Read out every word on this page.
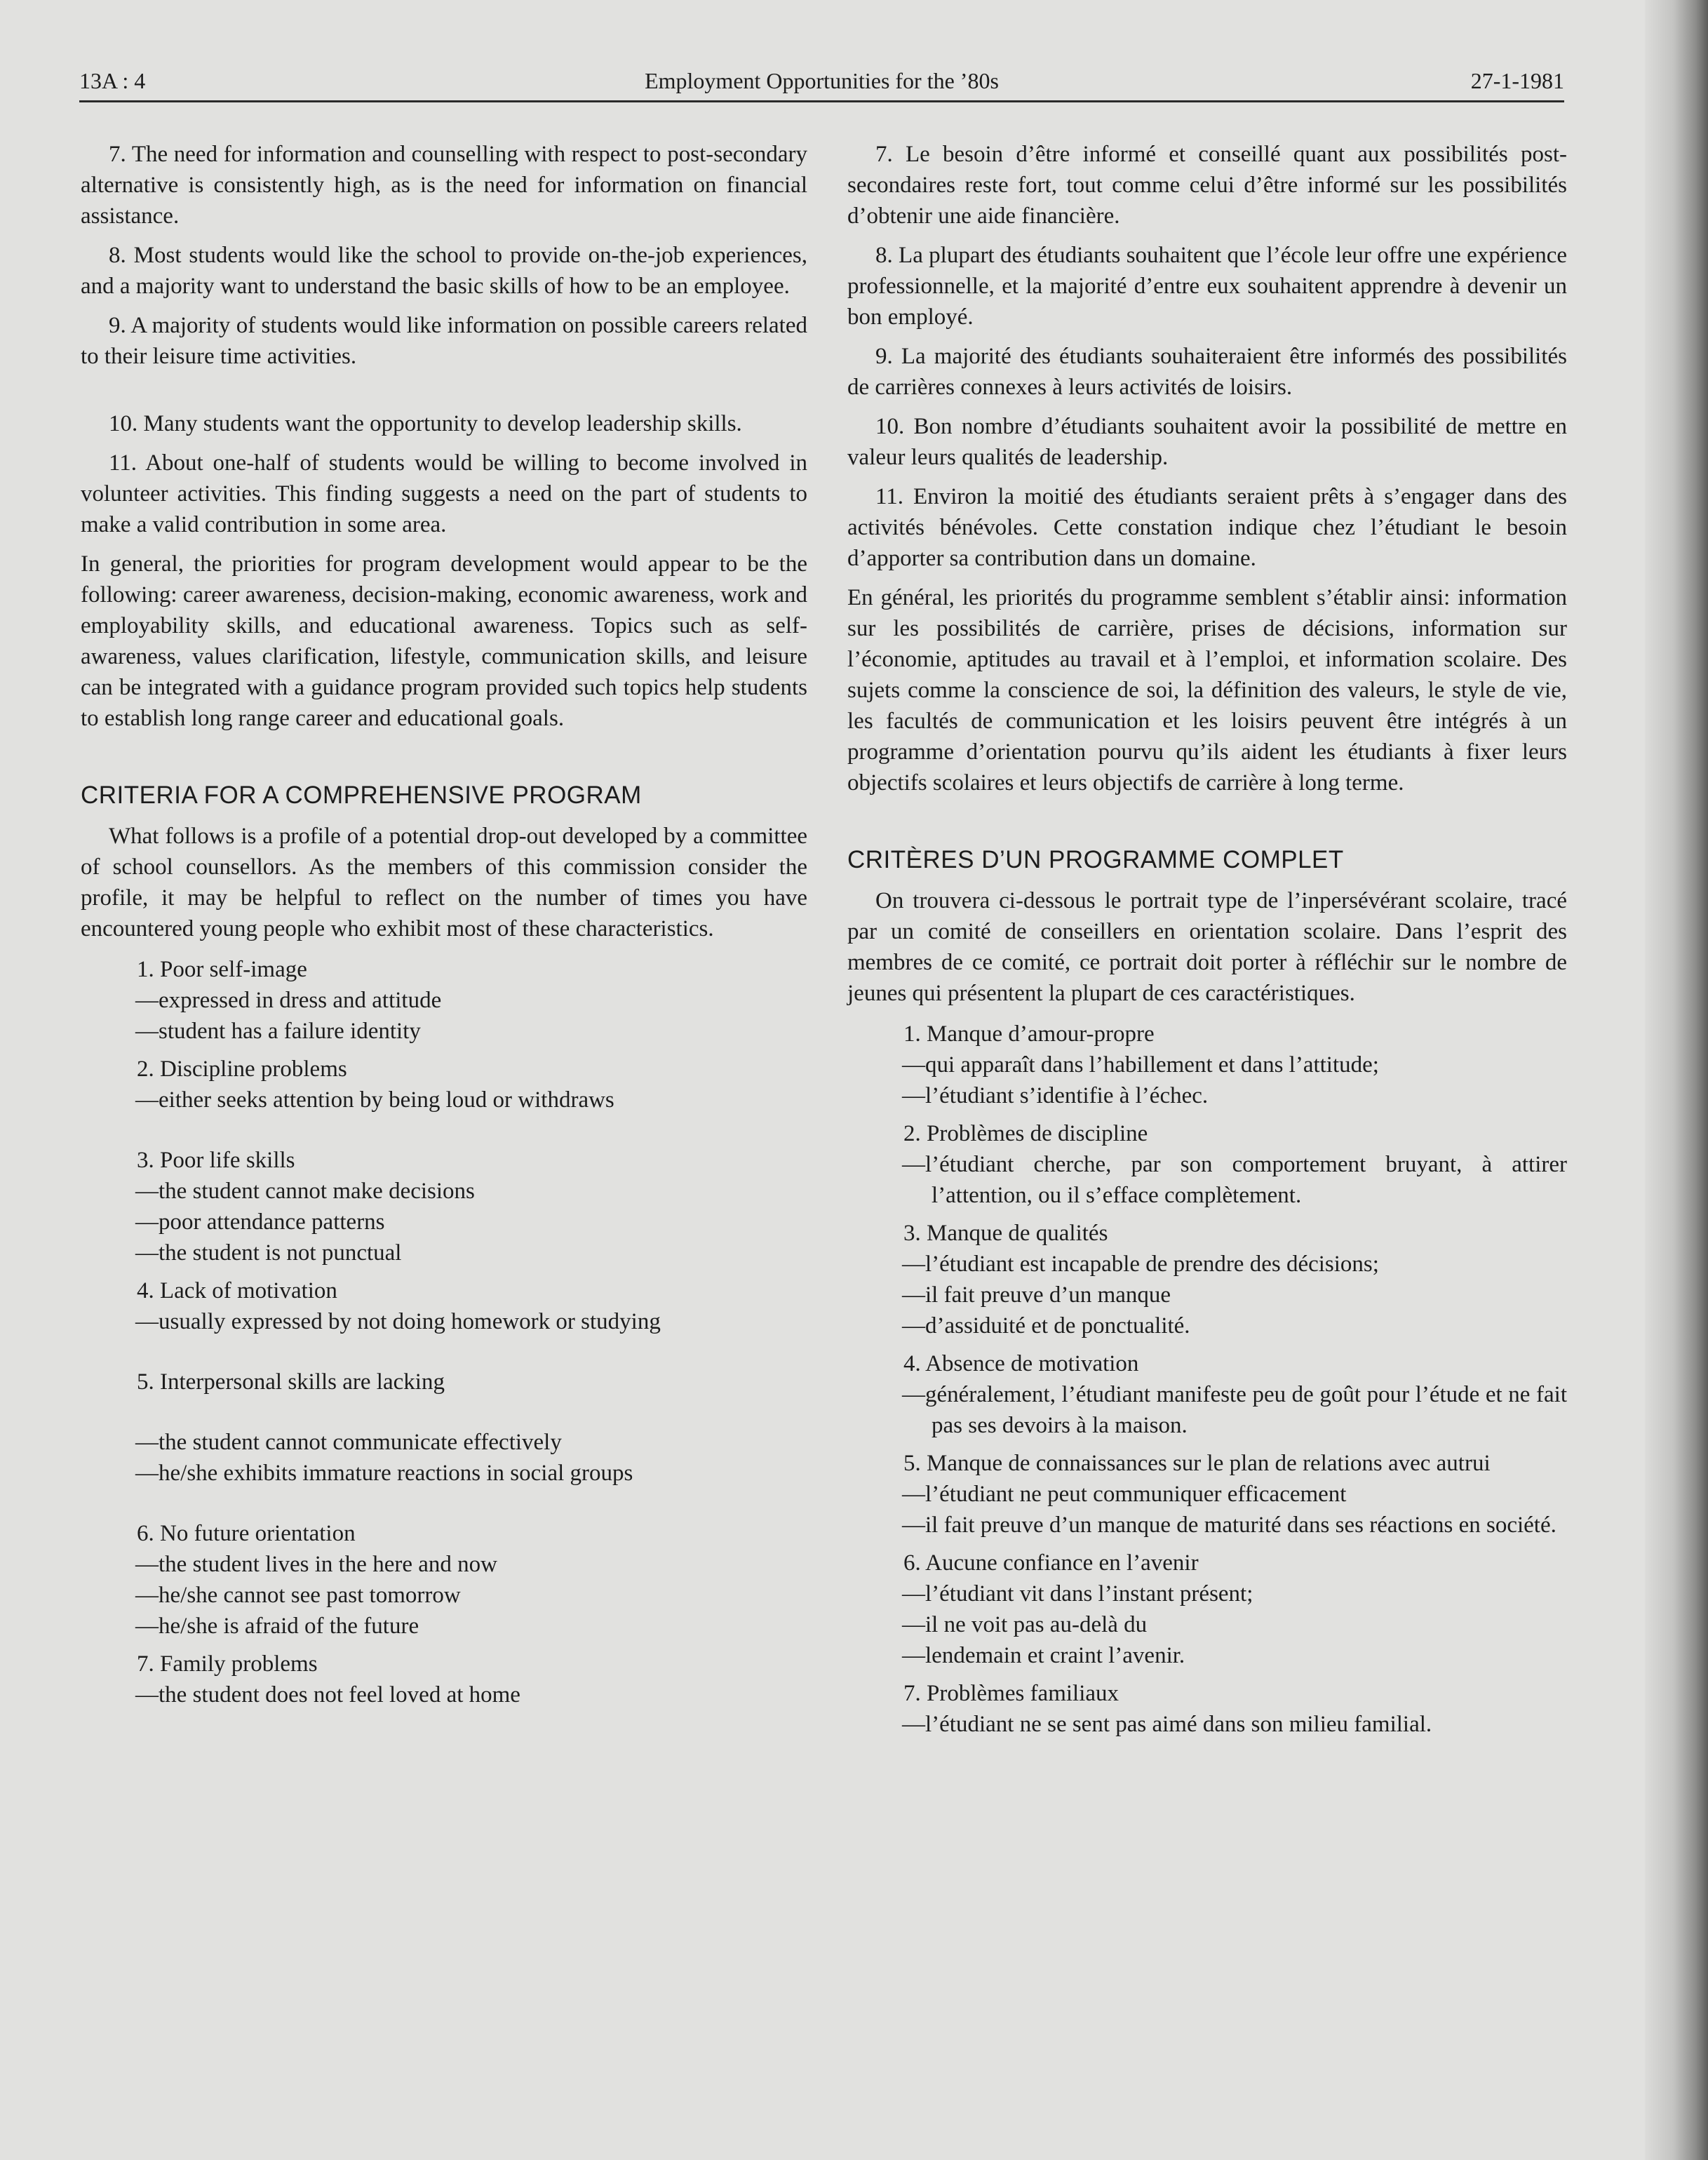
13A : 4	Employment Opportunities for the ’80s	27-1-1981

7. The need for information and counselling with respect to post-secondary alternative is consistently high, as is the need for information on financial assistance.

8. Most students would like the school to provide on-the-job experiences, and a majority want to understand the basic skills of how to be an employee.

9. A majority of students would like information on possible careers related to their leisure time activities.

10. Many students want the opportunity to develop leadership skills.

11. About one-half of students would be willing to become involved in volunteer activities. This finding suggests a need on the part of students to make a valid contribution in some area.

In general, the priorities for program development would appear to be the following: career awareness, decision-making, economic awareness, work and employability skills, and educational awareness. Topics such as self-awareness, values clarification, lifestyle, communication skills, and leisure can be integrated with a guidance program provided such topics help students to establish long range career and educational goals.

CRITERIA FOR A COMPREHENSIVE PROGRAM

What follows is a profile of a potential drop-out developed by a committee of school counsellors. As the members of this commission consider the profile, it may be helpful to reflect on the number of times you have encountered young people who exhibit most of these characteristics.

1. Poor self-image
—expressed in dress and attitude
—student has a failure identity
2. Discipline problems
—either seeks attention by being loud or withdraws
3. Poor life skills
—the student cannot make decisions
—poor attendance patterns
—the student is not punctual
4. Lack of motivation
—usually expressed by not doing homework or studying
5. Interpersonal skills are lacking
—the student cannot communicate effectively
—he/she exhibits immature reactions in social groups
6. No future orientation
—the student lives in the here and now
—he/she cannot see past tomorrow
—he/she is afraid of the future
7. Family problems
—the student does not feel loved at home

7. Le besoin d’être informé et conseillé quant aux possibilités post-secondaires reste fort, tout comme celui d’être informé sur les possibilités d’obtenir une aide financière.

8. La plupart des étudiants souhaitent que l’école leur offre une expérience professionnelle, et la majorité d’entre eux souhaitent apprendre à devenir un bon employé.

9. La majorité des étudiants souhaiteraient être informés des possibilités de carrières connexes à leurs activités de loisirs.

10. Bon nombre d’étudiants souhaitent avoir la possibilité de mettre en valeur leurs qualités de leadership.

11. Environ la moitié des étudiants seraient prêts à s’engager dans des activités bénévoles. Cette constation indique chez l’étudiant le besoin d’apporter sa contribution dans un domaine.

En général, les priorités du programme semblent s’établir ainsi: information sur les possibilités de carrière, prises de décisions, information sur l’économie, aptitudes au travail et à l’emploi, et information scolaire. Des sujets comme la conscience de soi, la définition des valeurs, le style de vie, les facultés de communication et les loisirs peuvent être intégrés à un programme d’orientation pourvu qu’ils aident les étudiants à fixer leurs objectifs scolaires et leurs objectifs de carrière à long terme.

CRITÈRES D’UN PROGRAMME COMPLET

On trouvera ci-dessous le portrait type de l’inpersévérant scolaire, tracé par un comité de conseillers en orientation scolaire. Dans l’esprit des membres de ce comité, ce portrait doit porter à réfléchir sur le nombre de jeunes qui présentent la plupart de ces caractéristiques.

1. Manque d’amour-propre
—qui apparaît dans l’habillement et dans l’attitude;
—l’étudiant s’identifie à l’échec.
2. Problèmes de discipline
—l’étudiant cherche, par son comportement bruyant, à attirer l’attention, ou il s’efface complètement.
3. Manque de qualités
—l’étudiant est incapable de prendre des décisions;
—il fait preuve d’un manque
—d’assiduité et de ponctualité.
4. Absence de motivation
—généralement, l’étudiant manifeste peu de goût pour l’étude et ne fait pas ses devoirs à la maison.
5. Manque de connaissances sur le plan de relations avec autrui
—l’étudiant ne peut communiquer efficacement
—il fait preuve d’un manque de maturité dans ses réactions en société.
6. Aucune confiance en l’avenir
—l’étudiant vit dans l’instant présent;
—il ne voit pas au-delà du
—lendemain et craint l’avenir.
7. Problèmes familiaux
—l’étudiant ne se sent pas aimé dans son milieu familial.
